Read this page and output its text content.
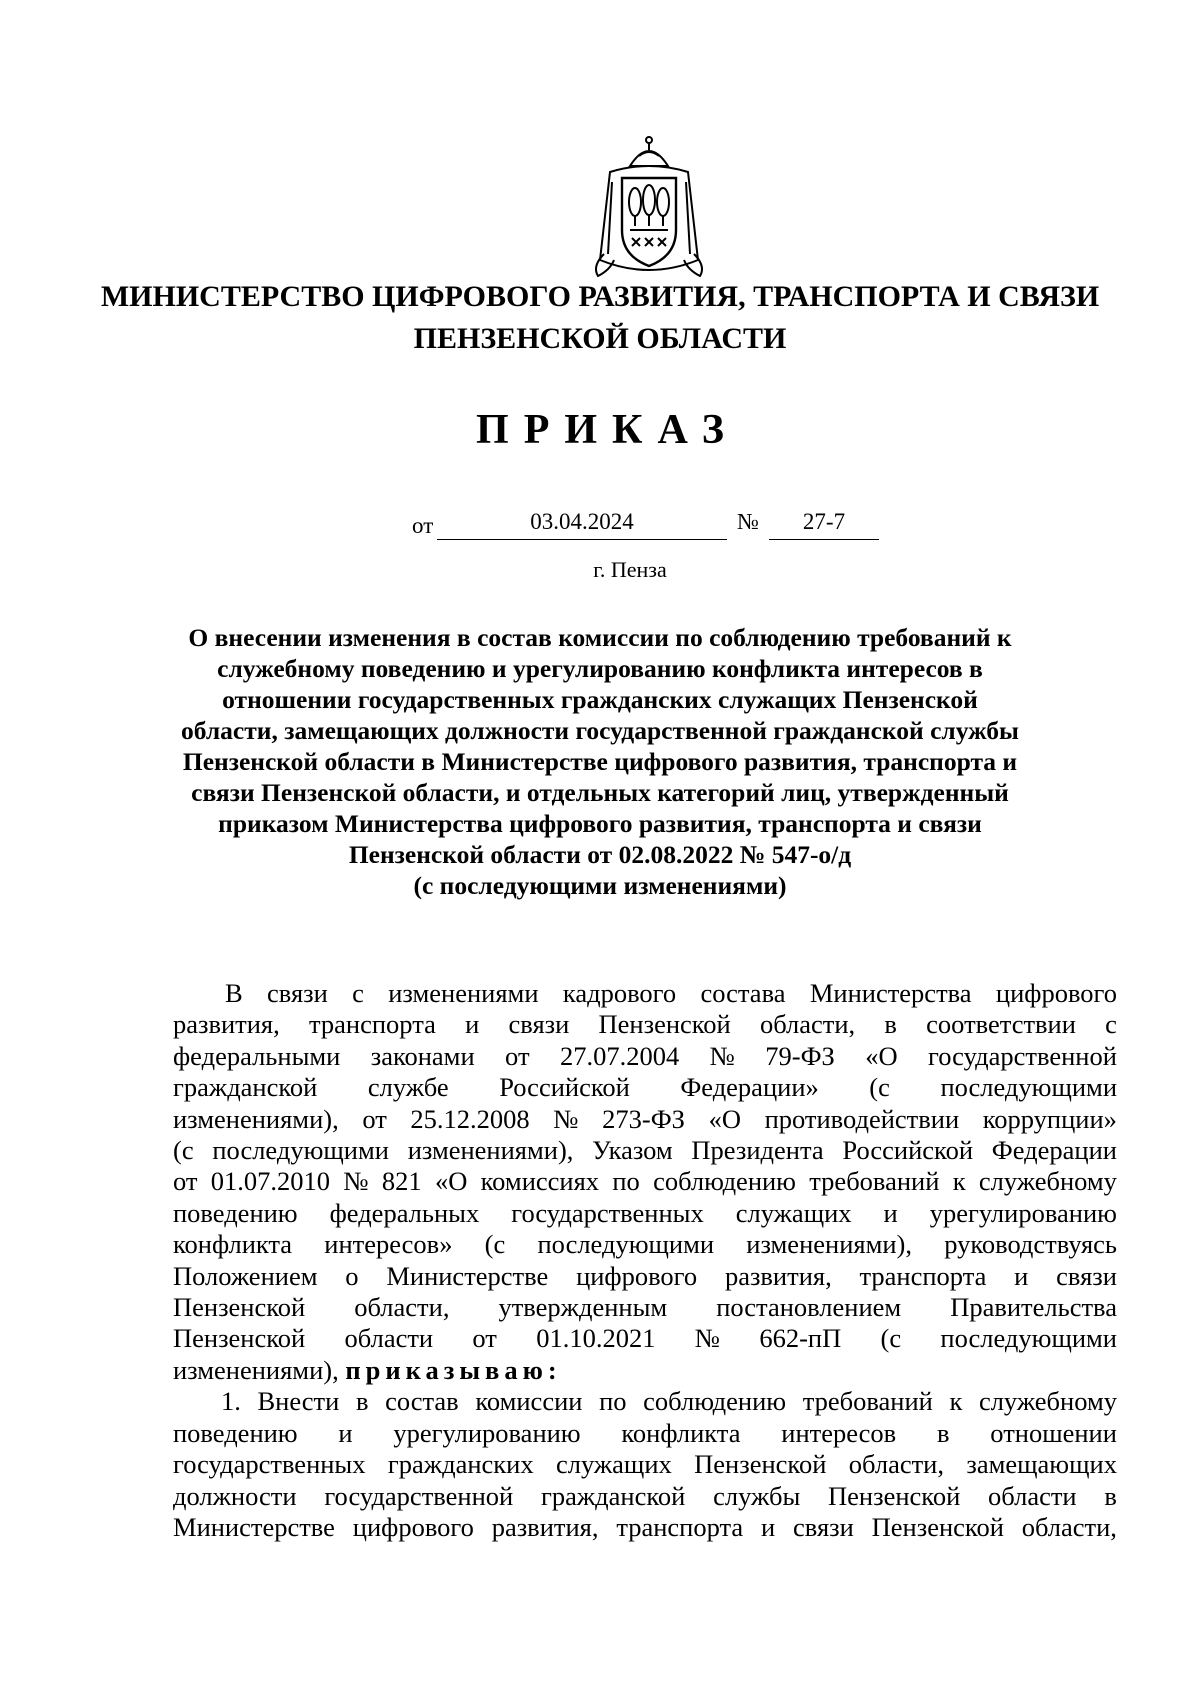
МИНИСТЕРСТВО ЦИФРОВОГО РАЗВИТИЯ, ТРАНСПОРТА И СВЯЗИ
ПЕНЗЕНСКОЙ ОБЛАСТИ
ПРИКАЗ
от	03.04.2024	№	27-7
г. Пенза
О внесении изменения в состав комиссии по соблюдению требований к
служебному поведению и урегулированию конфликта интересов в
отношении государственных гражданских служащих Пензенской
области, замещающих должности государственной гражданской службы
Пензенской области в Министерстве цифрового развития, транспорта и
связи Пензенской области, и отдельных категорий лиц, утвержденный
приказом Министерства цифрового развития, транспорта и связи
Пензенской области от 02.08.2022 № 547-о/д
(с последующими изменениями)
В связи с изменениями кадрового состава Министерства цифрового
развития, транспорта и связи Пензенской области, в соответствии с
федеральными законами от 27.07.2004 № 79-ФЗ «О государственной
гражданской службе Российской Федерации» (с последующими
изменениями), от 25.12.2008 № 273-ФЗ «О противодействии коррупции»
(с последующими изменениями), Указом Президента Российской Федерации
от 01.07.2010 № 821 «О комиссиях по соблюдению требований к служебному
поведению федеральных государственных служащих и урегулированию
конфликта интересов» (с последующими изменениями), руководствуясь
Положением о Министерстве цифрового развития, транспорта и связи
Пензенской области, утвержденным постановлением Правительства
Пензенской области от 01.10.2021 № 662-пП (с последующими
изменениями), приказываю:
1. Внести в состав комиссии по соблюдению требований к служебному
поведению и урегулированию конфликта интересов в отношении
государственных гражданских служащих Пензенской области, замещающих
должности государственной гражданской службы Пензенской области в
Министерстве цифрового развития, транспорта и связи Пензенской области,
